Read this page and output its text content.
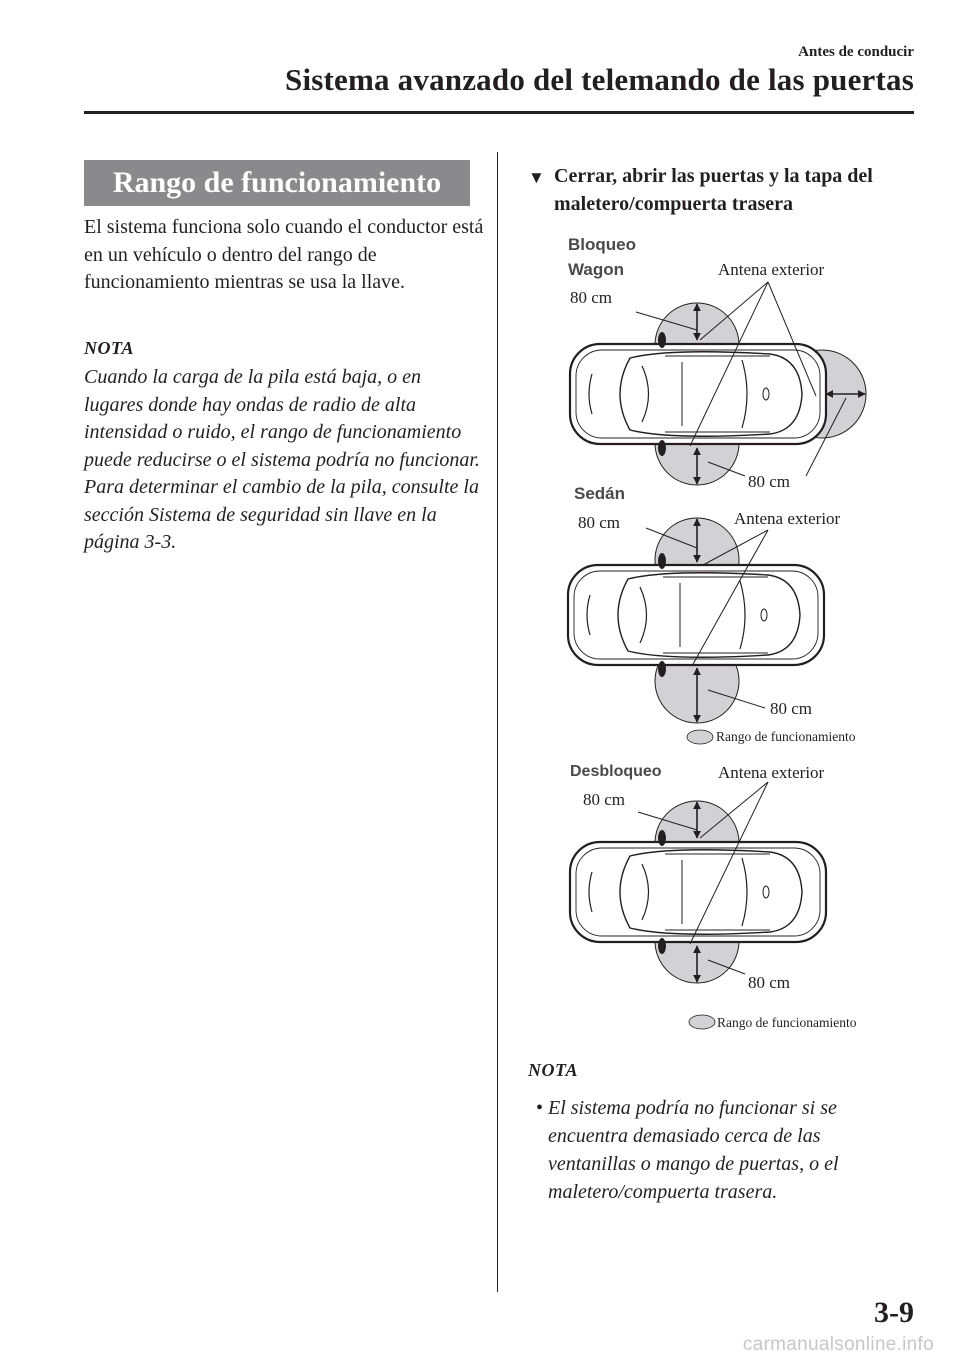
Antes de conducir
Sistema avanzado del telemando de las puertas
Rango de funcionamiento
El sistema funciona solo cuando el conductor está en un vehículo o dentro del rango de funcionamiento mientras se usa la llave.
NOTA
Cuando la carga de la pila está baja, o en lugares donde hay ondas de radio de alta intensidad o ruido, el rango de funcionamiento puede reducirse o el sistema podría no funcionar. Para determinar el cambio de la pila, consulte la sección Sistema de seguridad sin llave en la página 3-3.
▼ Cerrar, abrir las puertas y la tapa del maletero/compuerta trasera
Bloqueo
Wagon	Antena exterior
80 cm
80 cm
Sedán
Antena exterior
80 cm
80 cm
Rango de funcionamiento
Desbloqueo	Antena exterior
80 cm
80 cm
Rango de funcionamiento
NOTA
• El sistema podría no funcionar si se encuentra demasiado cerca de las ventanillas o mango de puertas, o el maletero/compuerta trasera.
3-9
carmanualsonline.info
